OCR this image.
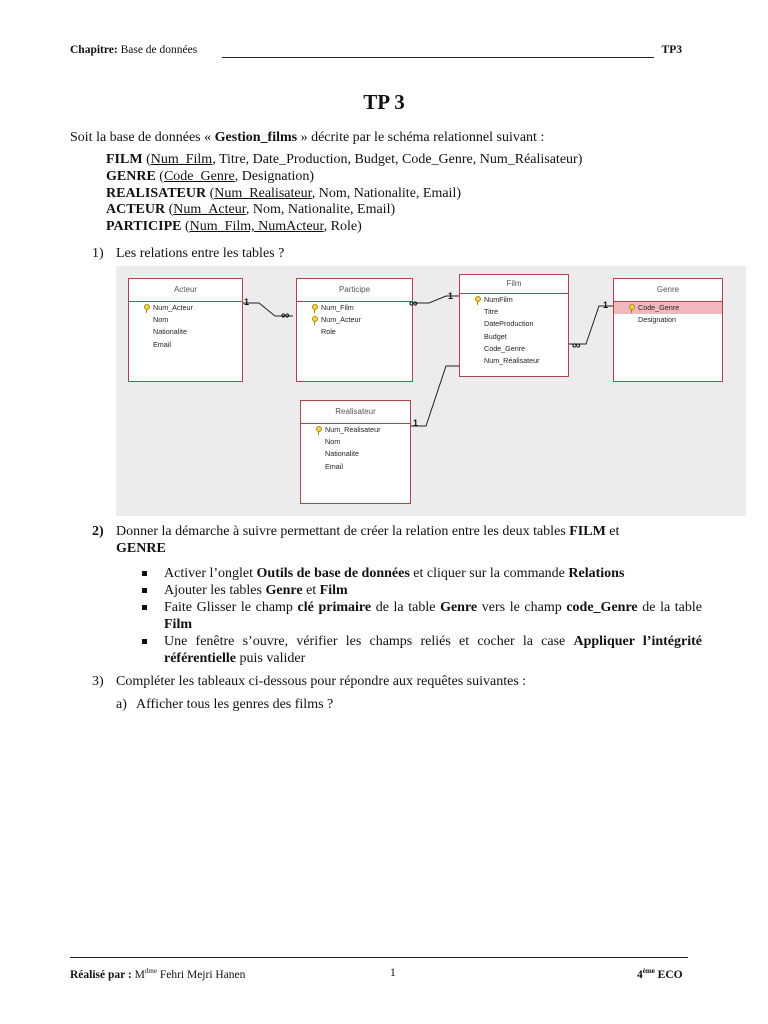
Chapitre: Base de données	TP3
TP 3
Soit la base de données « Gestion_films » décrite par le schéma relationnel suivant :
FILM (Num_Film, Titre, Date_Production, Budget, Code_Genre, Num_Réalisateur)
GENRE (Code_Genre, Designation)
REALISATEUR (Num_Realisateur, Nom, Nationalite, Email)
ACTEUR (Num_Acteur, Nom, Nationalite, Email)
PARTICIPE (Num_Film, NumActeur, Role)
1) Les relations entre les tables ?
Acteur
Num_Acteur
Nom
Nationalite
Email
Participe
Num_Film
Num_Acteur
Role
Film
NumFilm
Titre
DateProduction
Budget
Code_Genre
Num_Réalisateur
Genre
Code_Genre
Designation
Realisateur
Num_Realisateur
Nom
Nationalite
Email
1
∞
∞	1
∞
1
1
2) Donner la démarche à suivre permettant de créer la relation entre les deux tables FILM et
GENRE
Activer l’onglet Outils de base de données et cliquer sur la commande Relations
Ajouter les tables Genre et Film
Faite Glisser le champ clé primaire de la table Genre vers le champ code_Genre de la table Film
Une fenêtre s’ouvre, vérifier les champs reliés et cocher la case Appliquer l’intégrité référentielle puis valider
3) Compléter les tableaux ci-dessous pour répondre aux requêtes suivantes :
a) Afficher tous les genres des films ?
Réalisé par : $M^{dme}$ Fehri Mejri Hanen	1	4ème ECO
